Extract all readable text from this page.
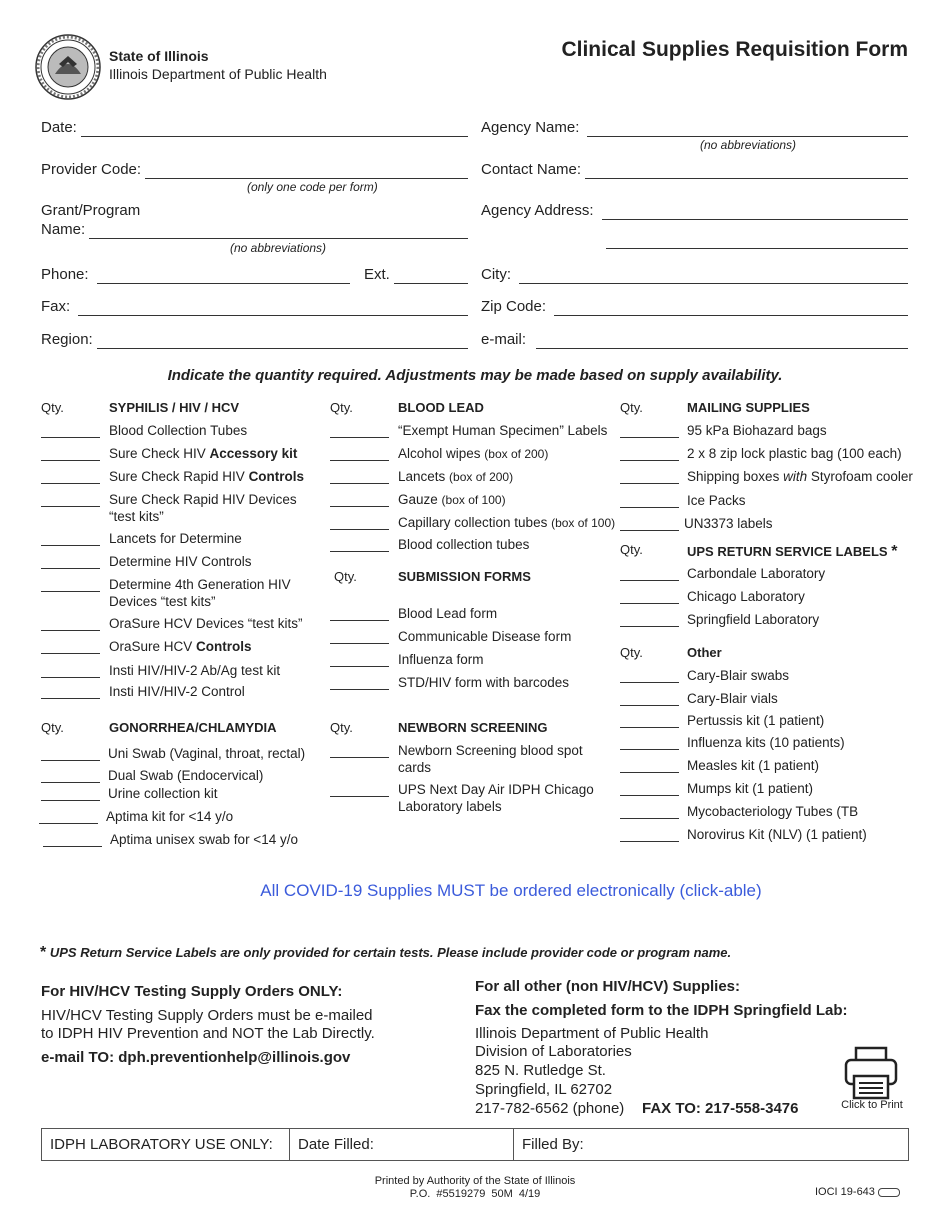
State of Illinois
Illinois Department of Public Health
Clinical Supplies Requisition Form
Date:
Provider Code:
(only one code per form)
Grant/Program
Name:
(no abbreviations)
Phone:	Ext.
Fax:
Region:
Agency Name:
(no abbreviations)
Contact Name:
Agency Address:
City:
Zip Code:
e-mail:
Indicate the quantity required. Adjustments may be made based on supply availability.
Qty.	SYPHILIS / HIV / HCV
Blood Collection Tubes
Sure Check HIV Accessory kit
Sure Check Rapid HIV Controls
Sure Check Rapid HIV Devices “test kits”
Lancets for Determine
Determine HIV Controls
Determine 4th Generation HIV Devices “test kits”
OraSure HCV Devices “test kits”
OraSure HCV Controls
Insti HIV/HIV-2 Ab/Ag test kit
Insti HIV/HIV-2 Control
Qty.	GONORRHEA/CHLAMYDIA
Uni Swab (Vaginal, throat, rectal)
Dual Swab (Endocervical)
Urine collection kit
Aptima kit for <14 y/o
Aptima unisex swab for <14 y/o
Qty.	BLOOD LEAD
“Exempt Human Specimen” Labels
Alcohol wipes (box of 200)
Lancets (box of 200)
Gauze (box of 100)
Capillary collection tubes (box of 100)
Blood collection tubes
Qty.	SUBMISSION FORMS
Blood Lead form
Communicable Disease form
Influenza form
STD/HIV form with barcodes
Qty.	NEWBORN SCREENING
Newborn Screening blood spot cards
UPS Next Day Air IDPH Chicago Laboratory labels
Qty.	MAILING SUPPLIES
95 kPa Biohazard bags
2 x 8 zip lock plastic bag (100 each)
Shipping boxes with Styrofoam cooler
Ice Packs
UN3373 labels
Qty.	UPS RETURN SERVICE LABELS *
Carbondale Laboratory
Chicago Laboratory
Springfield Laboratory
Qty.	Other
Cary-Blair swabs
Cary-Blair vials
Pertussis kit (1 patient)
Influenza kits (10 patients)
Measles kit (1 patient)
Mumps kit (1 patient)
Mycobacteriology Tubes (TB
Norovirus Kit (NLV) (1 patient)
All COVID-19 Supplies MUST be ordered electronically (click-able)
* UPS Return Service Labels are only provided for certain tests. Please include provider code or program name.
For HIV/HCV Testing Supply Orders ONLY:
HIV/HCV Testing Supply Orders must be e-mailed
to IDPH HIV Prevention and NOT the Lab Directly.
e-mail TO: dph.preventionhelp@illinois.gov
For all other (non HIV/HCV) Supplies:
Fax the completed form to the IDPH Springfield Lab:
Illinois Department of Public Health
Division of Laboratories
825 N. Rutledge St.
Springfield, IL 62702
217-782-6562 (phone) FAX TO: 217-558-3476	Click to Print
IDPH LABORATORY USE ONLY:	Date Filled:	Filled By:
Printed by Authority of the State of Illinois
P.O. #5519279 50M 4/19	IOCI 19-643
